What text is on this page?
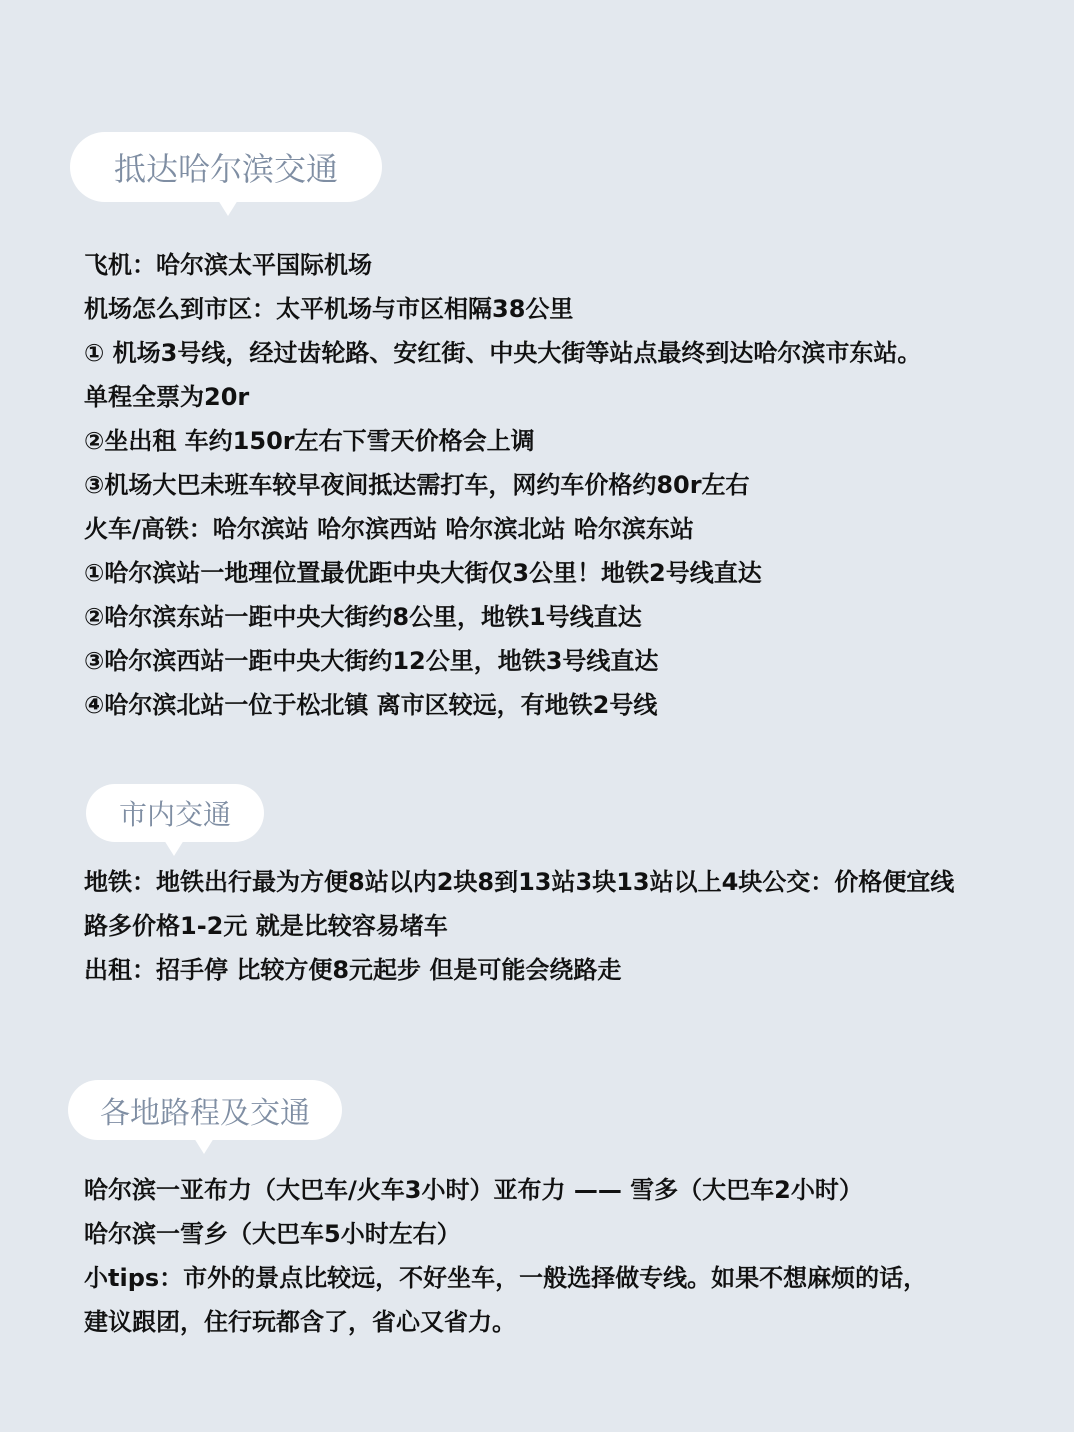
抵达哈尔滨交通
飞机：哈尔滨太平国际机场
机场怎么到市区：太平机场与市区相隔38公里
① 机场3号线，经过齿轮路、安红街、中央大街等站点最终到达哈尔滨市东站。
单程全票为20r
②坐出租 车约150r左右下雪天价格会上调
③机场大巴未班车较早夜间抵达需打车，网约车价格约80r左右
火车/高铁：哈尔滨站 哈尔滨西站 哈尔滨北站 哈尔滨东站
①哈尔滨站一地理位置最优距中央大街仅3公里！地铁2号线直达
②哈尔滨东站一距中央大街约8公里，地铁1号线直达
③哈尔滨西站一距中央大街约12公里，地铁3号线直达
④哈尔滨北站一位于松北镇 离市区较远，有地铁2号线
市内交通
地铁：地铁出行最为方便8站以内2块8到13站3块13站以上4块公交：价格便宜线
路多价格1-2元 就是比较容易堵车
出租：招手停 比较方便8元起步 但是可能会绕路走
各地路程及交通
哈尔滨一亚布力（大巴车/火车3小时）亚布力 —— 雪多（大巴车2小时）
哈尔滨一雪乡（大巴车5小时左右）
小tips：市外的景点比较远，不好坐车，一般选择做专线。如果不想麻烦的话，
建议跟团，住行玩都含了，省心又省力。
